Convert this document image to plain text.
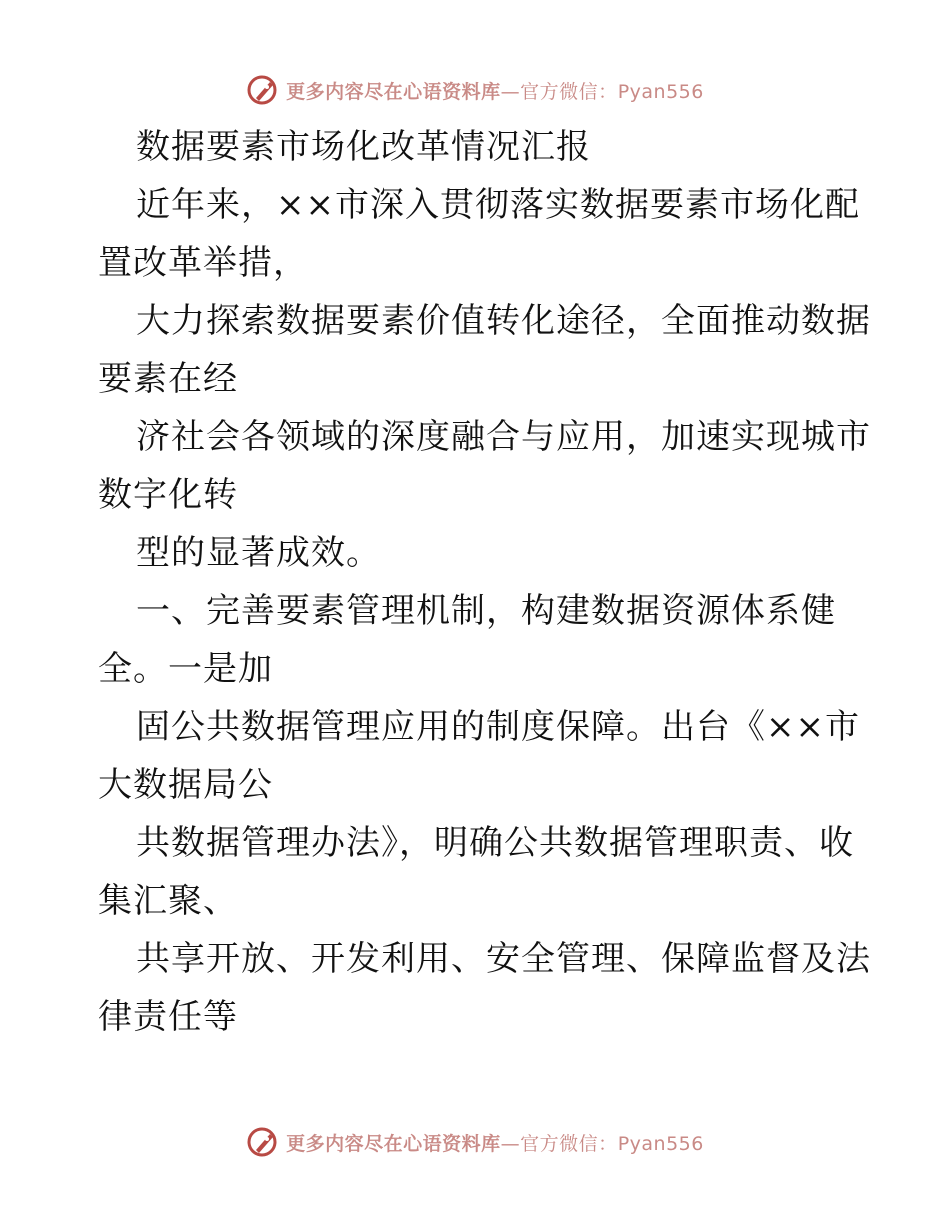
更多内容尽在心语资料库—官方微信：Pyan556
数据要素市场化改革情况汇报
近年来，××市深入贯彻落实数据要素市场化配
置改革举措，
大力探索数据要素价值转化途径，全面推动数据
要素在经
济社会各领域的深度融合与应用，加速实现城市
数字化转
型的显著成效。
一、完善要素管理机制，构建数据资源体系健
全。一是加
固公共数据管理应用的制度保障。出台《××市
大数据局公
共数据管理办法》，明确公共数据管理职责、收
集汇聚、
共享开放、开发利用、安全管理、保障监督及法
律责任等
更多内容尽在心语资料库—官方微信：Pyan556
